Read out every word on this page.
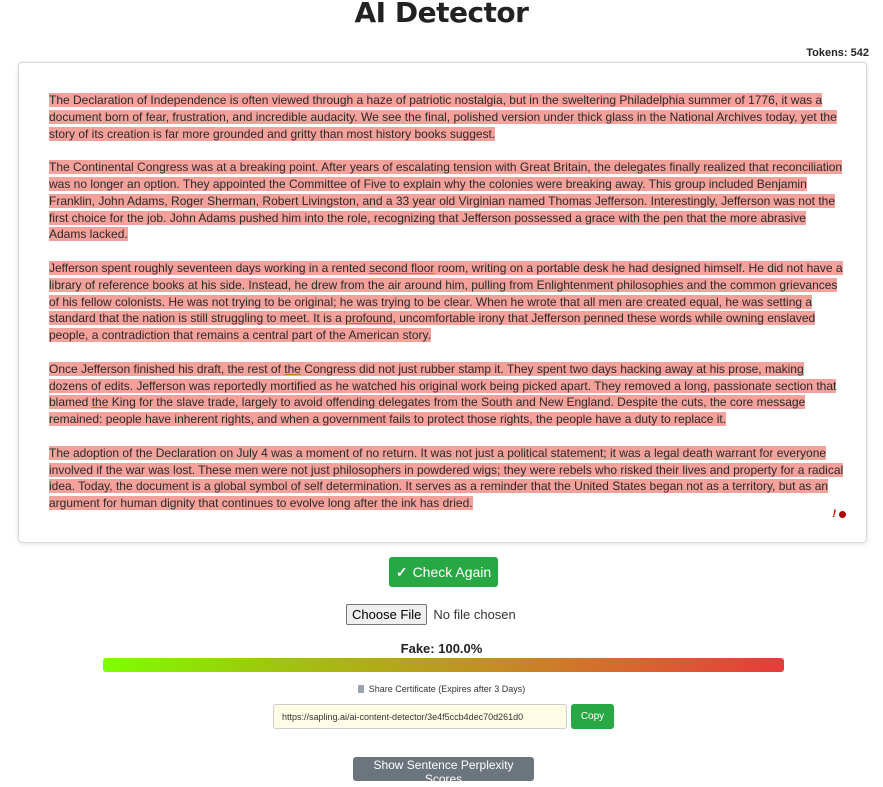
AI Detector
Tokens: 542

The Declaration of Independence is often viewed through a haze of patriotic nostalgia, but in the sweltering Philadelphia summer of 1776, it was a document born of fear, frustration, and incredible audacity. We see the final, polished version under thick glass in the National Archives today, yet the story of its creation is far more grounded and gritty than most history books suggest.

The Continental Congress was at a breaking point. After years of escalating tension with Great Britain, the delegates finally realized that reconciliation was no longer an option. They appointed the Committee of Five to explain why the colonies were breaking away. This group included Benjamin Franklin, John Adams, Roger Sherman, Robert Livingston, and a 33 year old Virginian named Thomas Jefferson. Interestingly, Jefferson was not the first choice for the job. John Adams pushed him into the role, recognizing that Jefferson possessed a grace with the pen that the more abrasive Adams lacked.

Jefferson spent roughly seventeen days working in a rented second floor room, writing on a portable desk he had designed himself. He did not have a library of reference books at his side. Instead, he drew from the air around him, pulling from Enlightenment philosophies and the common grievances of his fellow colonists. He was not trying to be original; he was trying to be clear. When he wrote that all men are created equal, he was setting a standard that the nation is still struggling to meet. It is a profound, uncomfortable irony that Jefferson penned these words while owning enslaved people, a contradiction that remains a central part of the American story.

Once Jefferson finished his draft, the rest of the Congress did not just rubber stamp it. They spent two days hacking away at his prose, making dozens of edits. Jefferson was reportedly mortified as he watched his original work being picked apart. They removed a long, passionate section that blamed the King for the slave trade, largely to avoid offending delegates from the South and New England. Despite the cuts, the core message remained: people have inherent rights, and when a government fails to protect those rights, the people have a duty to replace it.

The adoption of the Declaration on July 4 was a moment of no return. It was not just a political statement; it was a legal death warrant for everyone involved if the war was lost. These men were not just philosophers in powdered wigs; they were rebels who risked their lives and property for a radical idea. Today, the document is a global symbol of self determination. It serves as a reminder that the United States began not as a territory, but as an argument for human dignity that continues to evolve long after the ink has dried.

!
✓ Check Again
Choose File No file chosen
Fake: 100.0%
Share Certificate (Expires after 3 Days)
https://sapling.ai/ai-content-detector/3e4f5ccb4dec70d261d0
Copy
Show Sentence Perplexity Scores
